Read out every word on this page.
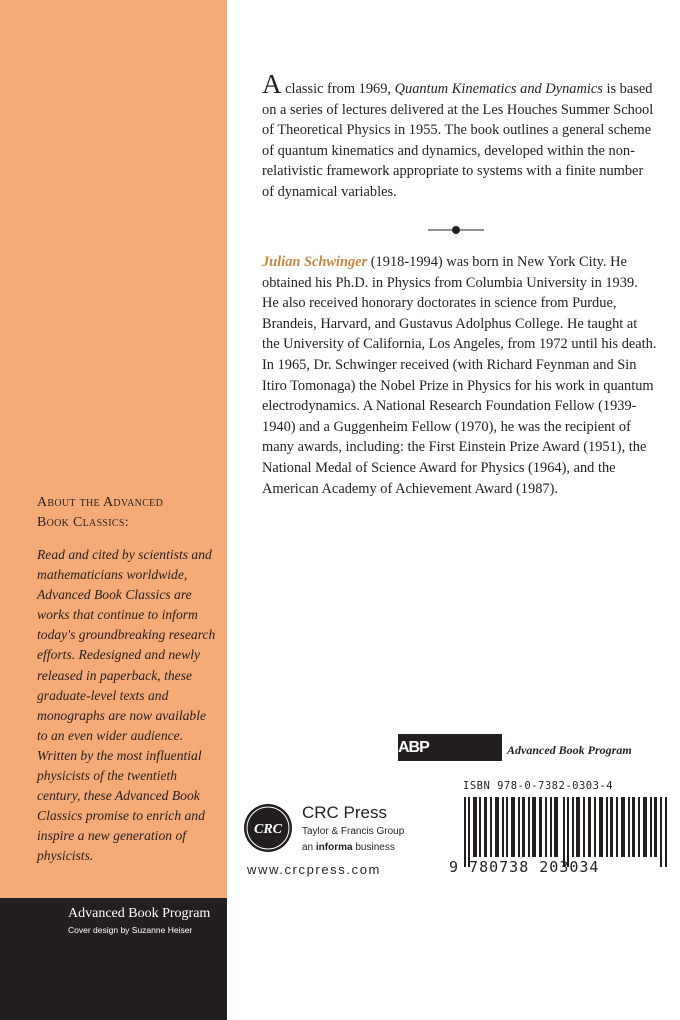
About the Advanced
Book Classics:
Read and cited by scientists and mathematicians worldwide, Advanced Book Classics are works that continue to inform today's groundbreaking research efforts. Redesigned and newly released in paperback, these graduate-level texts and monographs are now available to an even wider audience. Written by the most influential physicists of the twentieth century, these Advanced Book Classics promise to enrich and inspire a new generation of physicists.
A classic from 1969, Quantum Kinematics and Dynamics is based on a series of lectures delivered at the Les Houches Summer School of Theoretical Physics in 1955. The book outlines a general scheme of quantum kinematics and dynamics, developed within the non-relativistic framework appropriate to systems with a finite number of dynamical variables.
Julian Schwinger (1918-1994) was born in New York City. He obtained his Ph.D. in Physics from Columbia University in 1939. He also received honorary doctorates in science from Purdue, Brandeis, Harvard, and Gustavus Adolphus College. He taught at the University of California, Los Angeles, from 1972 until his death. In 1965, Dr. Schwinger received (with Richard Feynman and Sin Itiro Tomonaga) the Nobel Prize in Physics for his work in quantum electrodynamics. A National Research Foundation Fellow (1939-1940) and a Guggenheim Fellow (1970), he was the recipient of many awards, including: the First Einstein Prize Award (1951), the National Medal of Science Award for Physics (1964), and the American Academy of Achievement Award (1987).
ABP	Advanced Book Program
ISBN 978-0-7382-0303-4
9 780738 203034
CRC
CRC Press
Taylor & Francis Group
an informa business
www.crcpress.com
Advanced Book Program
Cover design by Suzanne Heiser
